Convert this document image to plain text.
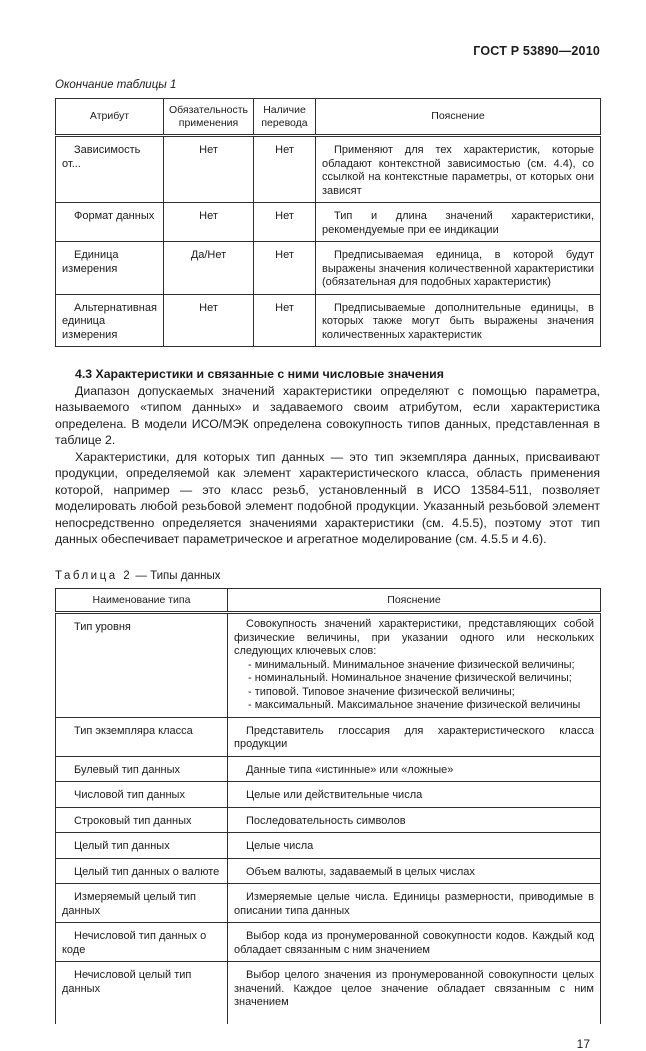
ГОСТ Р 53890—2010
Окончание таблицы 1
Атрибут	Обязательность применения	Наличие перевода	Пояснение
Зависимость от...	Нет	Нет	Применяют для тех характеристик, которые обладают контекстной зависимостью (см. 4.4), со ссылкой на контекстные параметры, от которых они зависят
Формат данных	Нет	Нет	Тип и длина значений характеристики, рекомендуемые при ее индикации
Единица измерения	Да/Нет	Нет	Предписываемая единица, в которой будут выражены значения количественной характеристики (обязательная для подобных характеристик)
Альтернативная единица измерения	Нет	Нет	Предписываемые дополнительные единицы, в которых также могут быть выражены значения количественных характеристик
4.3 Характеристики и связанные с ними числовые значения

Диапазон допускаемых значений характеристики определяют с помощью параметра, называемого «типом данных» и задаваемого своим атрибутом, если характеристика определена. В модели ИСО/МЭК определена совокупность типов данных, представленная в таблице 2.

Характеристики, для которых тип данных — это тип экземпляра данных, присваивают продукции, определяемой как элемент характеристического класса, область применения которой, например — это класс резьб, установленный в ИСО 13584-511, позволяет моделировать любой резьбовой элемент подобной продукции. Указанный резьбовой элемент непосредственно определяется значениями характеристики (см. 4.5.5), поэтому этот тип данных обеспечивает параметрическое и агрегатное моделирование (см. 4.5.5 и 4.6).

Таблица 2 — Типы данных
Наименование типа	Пояснение
Тип уровня	Совокупность значений характеристики, представляющих собой физические величины, при указании одного или нескольких следующих ключевых слов:
- минимальный. Минимальное значение физической величины;
- номинальный. Номинальное значение физической величины;
- типовой. Типовое значение физической величины;
- максимальный. Максимальное значение физической величины

Тип экземпляра класса	Представитель глоссария для характеристического класса продукции
Булевый тип данных	Данные типа «истинные» или «ложные»
Числовой тип данных	Целые или действительные числа
Строковый тип данных	Последовательность символов
Целый тип данных	Целые числа
Целый тип данных о валюте	Объем валюты, задаваемый в целых числах
Измеряемый целый тип данных	Измеряемые целые числа. Единицы размерности, приводимые в описании типа данных
Нечисловой тип данных о коде	Выбор кода из пронумерованной совокупности кодов. Каждый код обладает связанным с ним значением
Нечисловой целый тип данных	Выбор целого значения из пронумерованной совокупности целых значений. Каждое целое значение обладает связанным с ним значением
17
